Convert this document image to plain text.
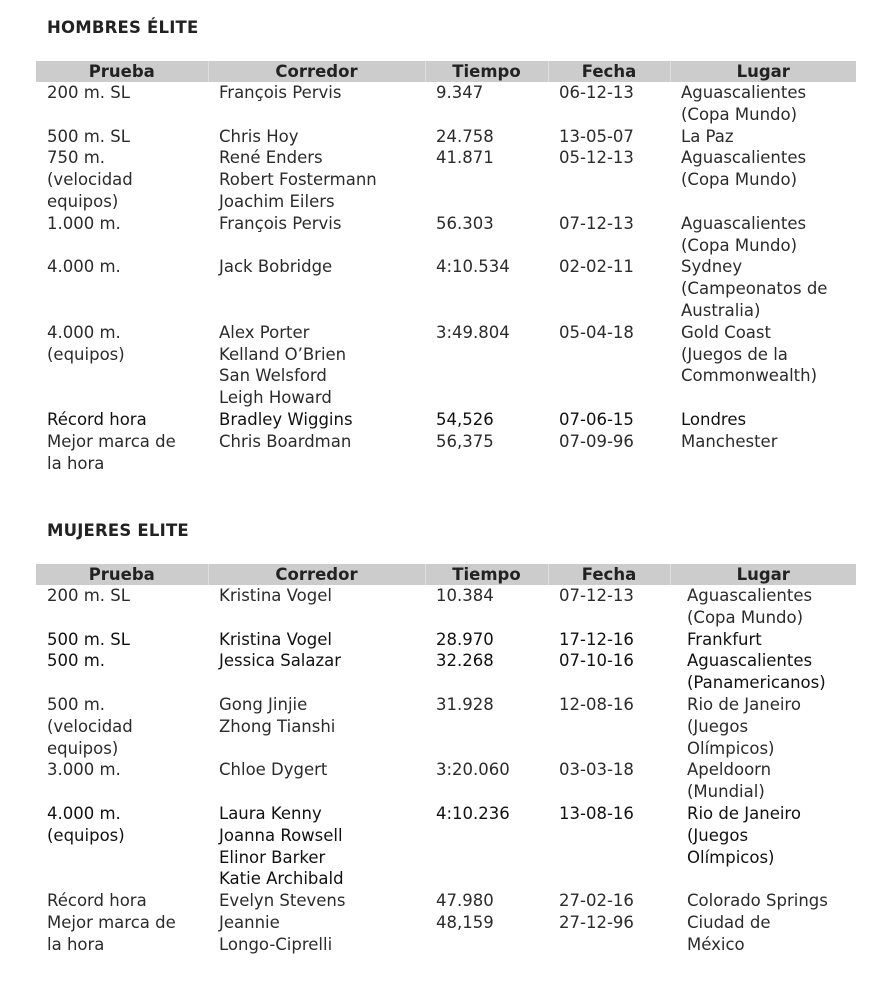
HOMBRES ÉLITE
Prueba	Corredor	Tiempo	Fecha	Lugar

200 m. SL	François Pervis	9.347	06-12-13	Aguascalientes
(Copa Mundo)

500 m. SL	Chris Hoy	24.758	13-05-07	La Paz

750 m.
(velocidad
equipos)	René Enders
Robert Fostermann
Joachim Eilers	41.871	05-12-13	Aguascalientes
(Copa Mundo)

1.000 m.	François Pervis	56.303	07-12-13	Aguascalientes
(Copa Mundo)

4.000 m.	Jack Bobridge	4:10.534	02-02-11	Sydney
(Campeonatos de
Australia)

4.000 m.
(equipos)	Alex Porter
Kelland O’Brien
San Welsford
Leigh Howard	3:49.804	05-04-18	Gold Coast
(Juegos de la
Commonwealth)

Récord hora	Bradley Wiggins	54,526	07-06-15	Londres

Mejor marca de
la hora	Chris Boardman	56,375	07-09-96	Manchester
MUJERES ELITE
Prueba	Corredor	Tiempo	Fecha	Lugar

200 m. SL	Kristina Vogel	10.384	07-12-13	Aguascalientes
(Copa Mundo)

500 m. SL	Kristina Vogel	28.970	17-12-16	Frankfurt

500 m.	Jessica Salazar	32.268	07-10-16	Aguascalientes
(Panamericanos)

500 m.
(velocidad
equipos)	Gong Jinjie
Zhong Tianshi	31.928	12-08-16	Rio de Janeiro
(Juegos
Olímpicos)

3.000 m.	Chloe Dygert	3:20.060	03-03-18	Apeldoorn
(Mundial)

4.000 m.
(equipos)	Laura Kenny
Joanna Rowsell
Elinor Barker
Katie Archibald	4:10.236	13-08-16	Rio de Janeiro
(Juegos
Olímpicos)

Récord hora	Evelyn Stevens	47.980	27-02-16	Colorado Springs

Mejor marca de
la hora	Jeannie
Longo-Ciprelli	48,159	27-12-96	Ciudad de
México
